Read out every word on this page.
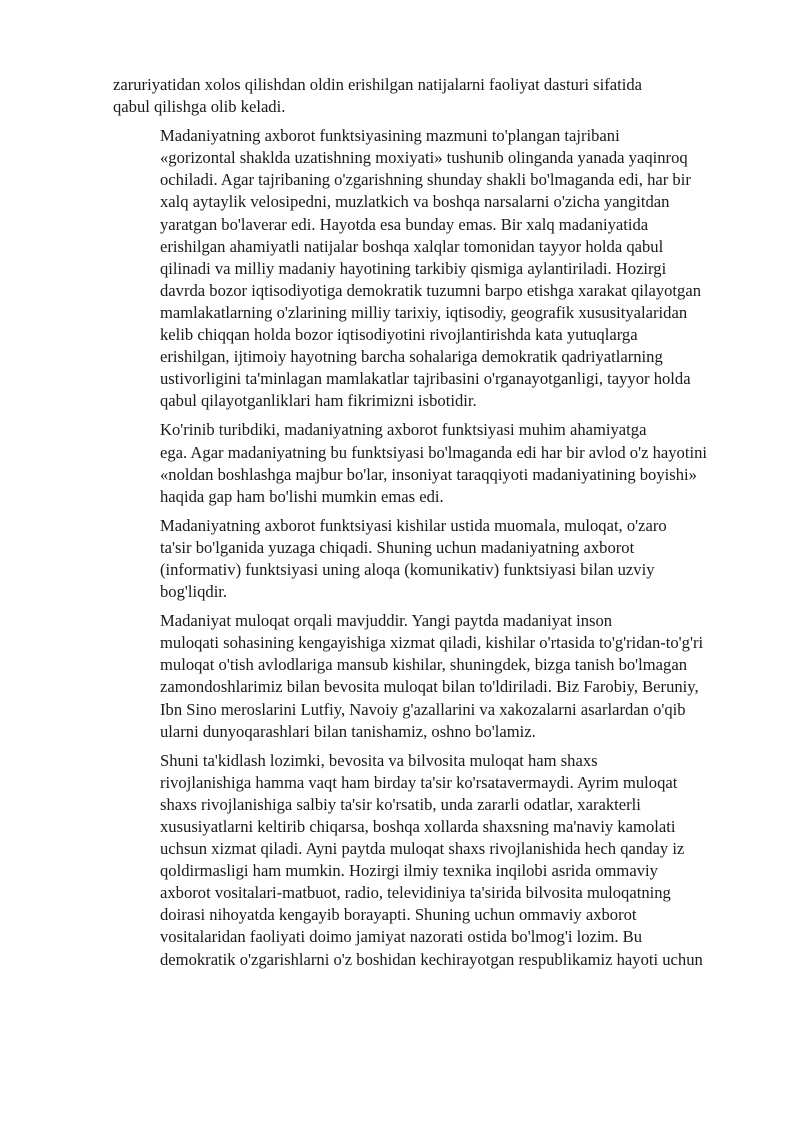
zaruriyatidan xolos qilishdan oldin erishilgan natijalarni faoliyat dasturi sifatida
qabul qilishga olib keladi.

Madaniyatning axborot funktsiyasining mazmuni to'plangan tajribani
«gorizontal shaklda uzatishning moxiyati» tushunib olinganda yanada yaqinroq
ochiladi. Agar tajribaning o'zgarishning shunday shakli bo'lmaganda edi, har bir
xalq aytaylik velosipedni, muzlatkich va boshqa narsalarni o'zicha yangitdan
yaratgan bo'laverar edi. Hayotda esa bunday emas. Bir xalq madaniyatida
erishilgan ahamiyatli natijalar boshqa xalqlar tomonidan tayyor holda qabul
qilinadi va milliy madaniy hayotining tarkibiy qismiga aylantiriladi. Hozirgi
davrda bozor iqtisodiyotiga demokratik tuzumni barpo etishga xarakat qilayotgan
mamlakatlarning o'zlarining milliy tarixiy, iqtisodiy, geografik xususityalaridan
kelib chiqqan holda bozor iqtisodiyotini rivojlantirishda kata yutuqlarga
erishilgan, ijtimoiy hayotning barcha sohalariga demokratik qadriyatlarning
ustivorligini ta'minlagan mamlakatlar tajribasini o'rganayotganligi, tayyor holda
qabul qilayotganliklari ham fikrimizni isbotidir.

Ko'rinib turibdiki, madaniyatning axborot funktsiyasi muhim ahamiyatga
ega. Agar madaniyatning bu funktsiyasi bo'lmaganda edi har bir avlod o'z hayotini
«noldan boshlashga majbur bo'lar, insoniyat taraqqiyoti madaniyatining boyishi»
haqida gap ham bo'lishi mumkin emas edi.

Madaniyatning axborot funktsiyasi kishilar ustida muomala, muloqat, o'zaro
ta'sir bo'lganida yuzaga chiqadi. Shuning uchun madaniyatning axborot
(informativ) funktsiyasi uning aloqa (komunikativ) funktsiyasi bilan uzviy
bog'liqdir.

Madaniyat muloqat orqali mavjuddir. Yangi paytda madaniyat inson
muloqati sohasining kengayishiga xizmat qiladi, kishilar o'rtasida to'g'ridan-to'g'ri
muloqat o'tish avlodlariga mansub kishilar, shuningdek, bizga tanish bo'lmagan
zamondoshlarimiz bilan bevosita muloqat bilan to'ldiriladi. Biz Farobiy, Beruniy,
Ibn Sino meroslarini Lutfiy, Navoiy g'azallarini va xakozalarni asarlardan o'qib
ularni dunyoqarashlari bilan tanishamiz, oshno bo'lamiz.

Shuni ta'kidlash lozimki, bevosita va bilvosita muloqat ham shaxs
rivojlanishiga hamma vaqt ham birday ta'sir ko'rsatavermaydi. Ayrim muloqat
shaxs rivojlanishiga salbiy ta'sir ko'rsatib, unda zararli odatlar, xarakterli
xususiyatlarni keltirib chiqarsa, boshqa xollarda shaxsning ma'naviy kamolati
uchsun xizmat qiladi. Ayni paytda muloqat shaxs rivojlanishida hech qanday iz
qoldirmasligi ham mumkin. Hozirgi ilmiy texnika inqilobi asrida ommaviy
axborot vositalari-matbuot, radio, televidiniya ta'sirida bilvosita muloqatning
doirasi nihoyatda kengayib borayapti. Shuning uchun ommaviy axborot
vositalaridan faoliyati doimo jamiyat nazorati ostida bo'lmog'i lozim. Bu
demokratik o'zgarishlarni o'z boshidan kechirayotgan respublikamiz hayoti uchun
